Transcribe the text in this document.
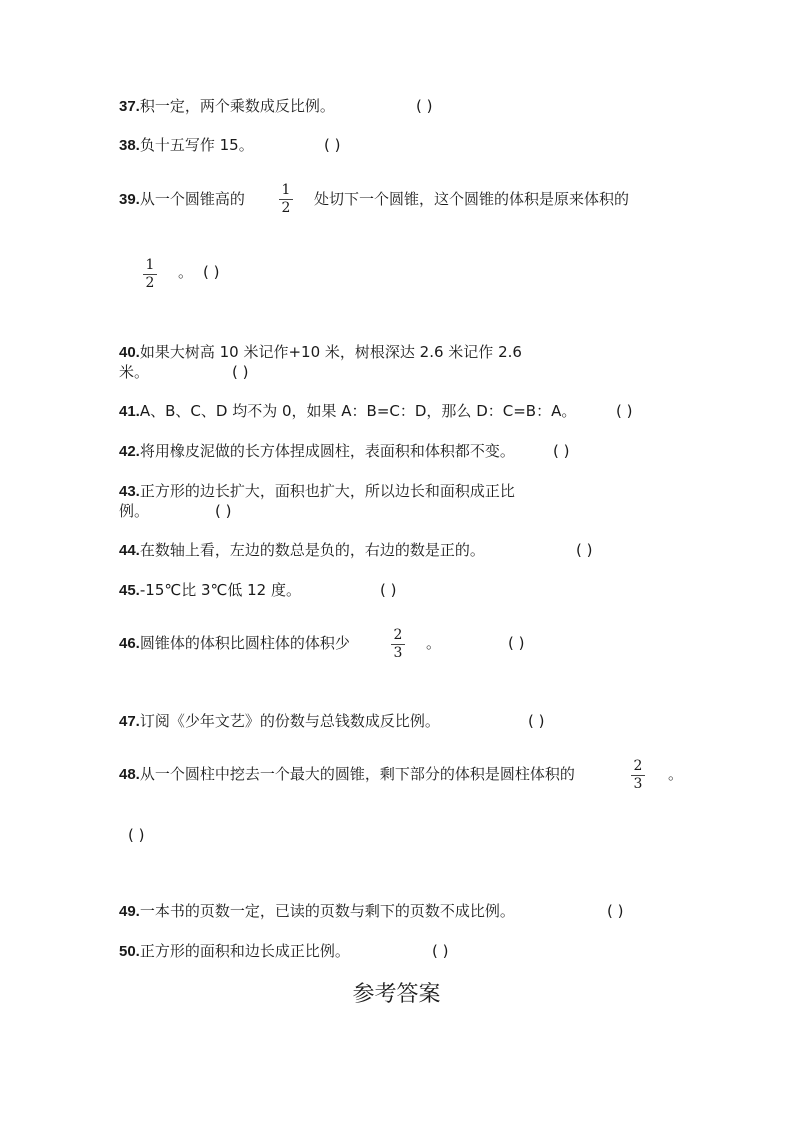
37.积一定，两个乘数成反比例。	( )
38.负十五写作 15。	( )
39.从一个圆锥高的	1
2 处切下一个圆锥，这个圆锥的体积是原来体积的
1
2
。 ( )
40.如果大树高 10 米记作+10 米，树根深达 2.6 米记作 2.6
米。	( )
41.A、B、C、D 均不为 0，如果 A：B=C：D，那么 D：C=B：A。	( )
42.将用橡皮泥做的长方体捏成圆柱，表面积和体积都不变。	( )
43.正方形的边长扩大，面积也扩大，所以边长和面积成正比
例。	( )
44.在数轴上看，左边的数总是负的，右边的数是正的。	( )
45.-15℃比 3℃低 12 度。	( )
46.圆锥体的体积比圆柱体的体积少	2
3
。	( )
47.订阅《少年文艺》的份数与总钱数成反比例。	( )
48.从一个圆柱中挖去一个最大的圆锥，剩下部分的体积是圆柱体积的	2
3
。
( )
49.一本书的页数一定，已读的页数与剩下的页数不成比例。	( )
50.正方形的面积和边长成正比例。	( )
参考答案
